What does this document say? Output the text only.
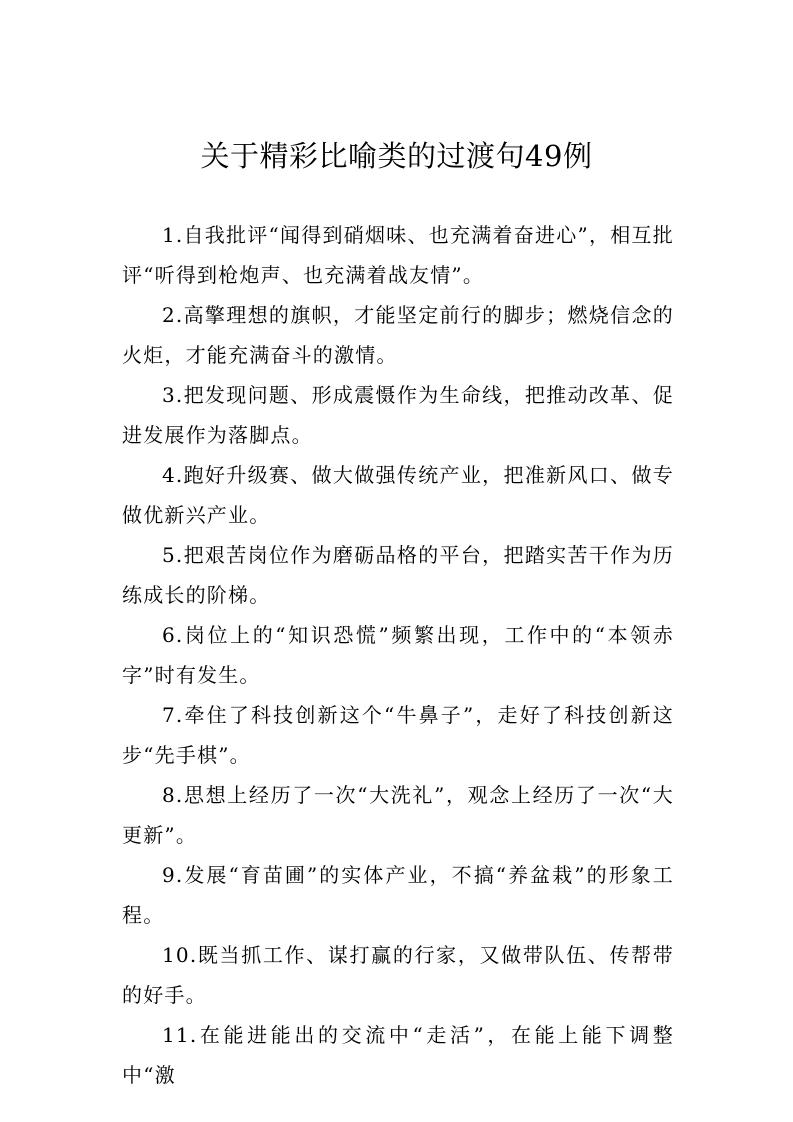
关于精彩比喻类的过渡句49例

1.自我批评“闻得到硝烟味、也充满着奋进心”，相互批评“听得到枪炮声、也充满着战友情”。

2.高擎理想的旗帜，才能坚定前行的脚步；燃烧信念的火炬，才能充满奋斗的激情。

3.把发现问题、形成震慑作为生命线，把推动改革、促进发展作为落脚点。

4.跑好升级赛、做大做强传统产业，把准新风口、做专做优新兴产业。

5.把艰苦岗位作为磨砺品格的平台，把踏实苦干作为历练成长的阶梯。

6.岗位上的“知识恐慌”频繁出现，工作中的“本领赤字”时有发生。

7.牵住了科技创新这个“牛鼻子”，走好了科技创新这步“先手棋”。

8.思想上经历了一次“大洗礼”，观念上经历了一次“大更新”。

9.发展“育苗圃”的实体产业，不搞“养盆栽”的形象工程。

10.既当抓工作、谋打赢的行家，又做带队伍、传帮带的好手。

11.在能进能出的交流中“走活”，在能上能下调整中“激
